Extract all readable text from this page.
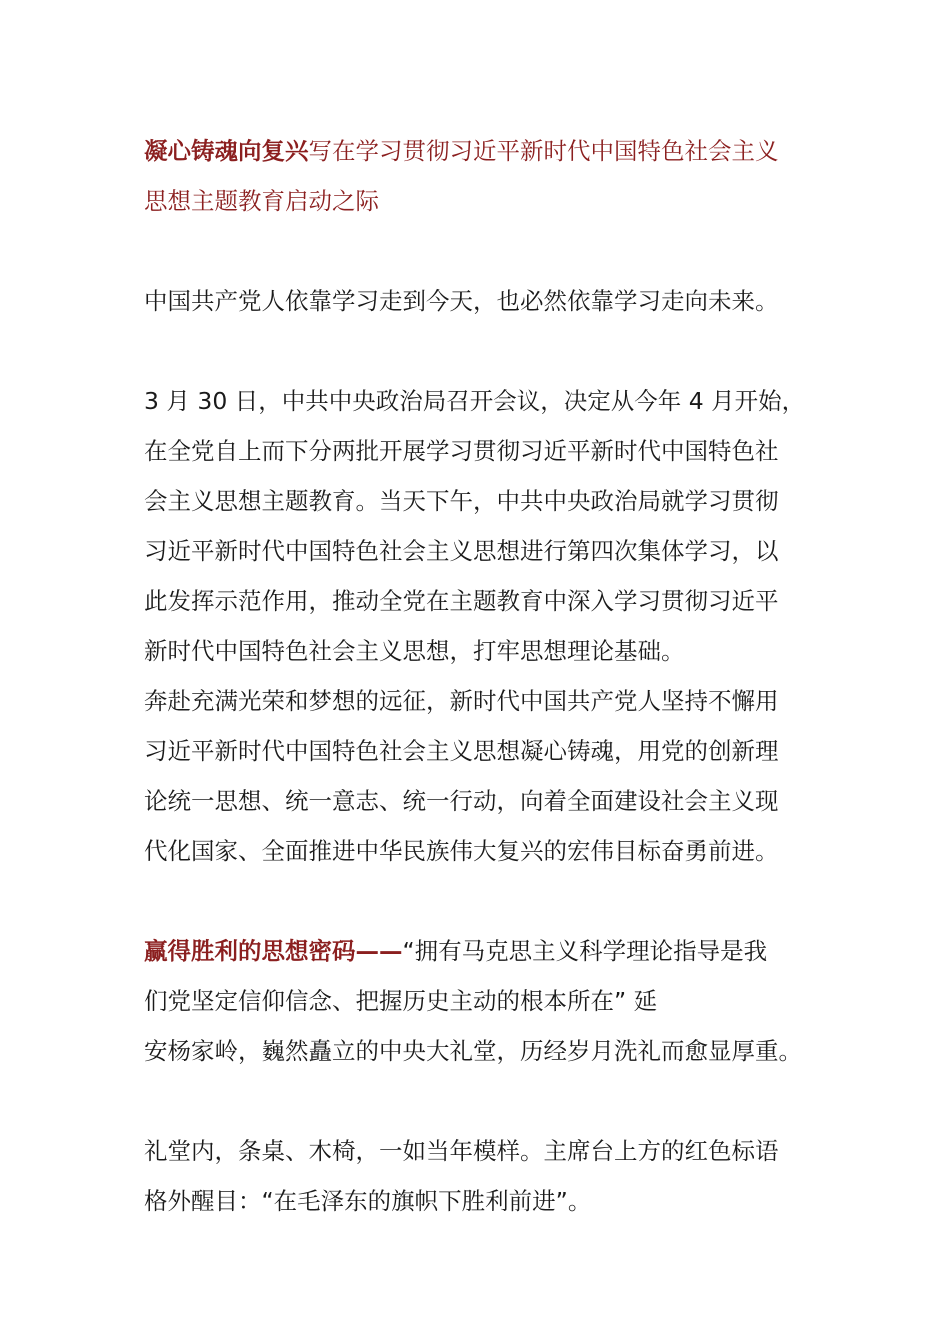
凝心铸魂向复兴写在学习贯彻习近平新时代中国特色社会主义
思想主题教育启动之际

中国共产党人依靠学习走到今天，也必然依靠学习走向未来。

3 月 30 日，中共中央政治局召开会议，决定从今年 4 月开始，
在全党自上而下分两批开展学习贯彻习近平新时代中国特色社
会主义思想主题教育。当天下午，中共中央政治局就学习贯彻
习近平新时代中国特色社会主义思想进行第四次集体学习，以
此发挥示范作用，推动全党在主题教育中深入学习贯彻习近平
新时代中国特色社会主义思想，打牢思想理论基础。

奔赴充满光荣和梦想的远征，新时代中国共产党人坚持不懈用
习近平新时代中国特色社会主义思想凝心铸魂，用党的创新理
论统一思想、统一意志、统一行动，向着全面建设社会主义现
代化国家、全面推进中华民族伟大复兴的宏伟目标奋勇前进。

赢得胜利的思想密码——“拥有马克思主义科学理论指导是我
们党坚定信仰信念、把握历史主动的根本所在” 延
安杨家岭，巍然矗立的中央大礼堂，历经岁月洗礼而愈显厚重。

礼堂内，条桌、木椅，一如当年模样。主席台上方的红色标语
格外醒目：“在毛泽东的旗帜下胜利前进”。
